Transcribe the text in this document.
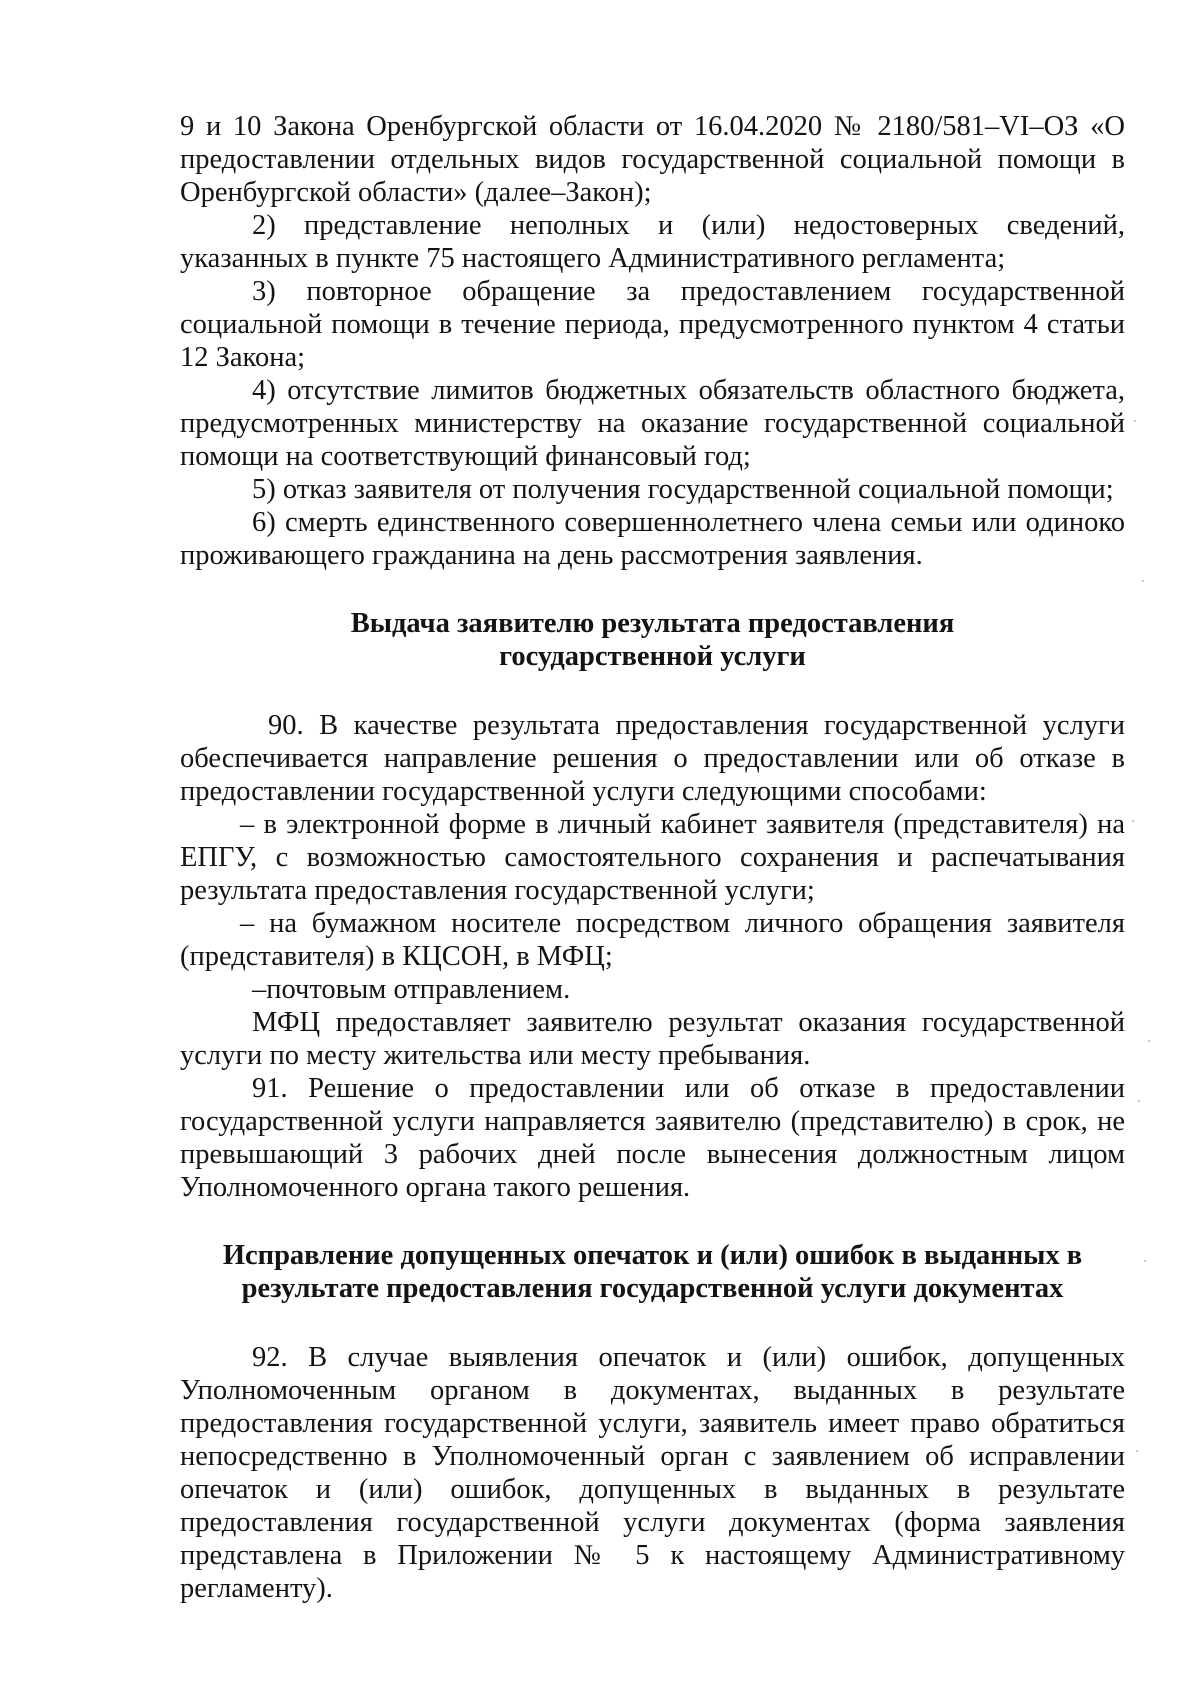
9 и 10 Закона Оренбургской области от 16.04.2020 № 2180/581–VI–ОЗ «О предоставлении отдельных видов государственной социальной помощи в Оренбургской области» (далее–Закон);

2) представление неполных и (или) недостоверных сведений, указанных в пункте 75 настоящего Административного регламента;

3) повторное обращение за предоставлением государственной социальной помощи в течение периода, предусмотренного пунктом 4 статьи 12 Закона;

4) отсутствие лимитов бюджетных обязательств областного бюджета, предусмотренных министерству на оказание государственной социальной помощи на соответствующий финансовый год;

5) отказ заявителя от получения государственной социальной помощи;

6) смерть единственного совершеннолетнего члена семьи или одиноко проживающего гражданина на день рассмотрения заявления.

Выдача заявителю результата предоставления

государственной услуги

90. В качестве результата предоставления государственной услуги обеспечивается направление решения о предоставлении или об отказе в предоставлении государственной услуги следующими способами:

– в электронной форме в личный кабинет заявителя (представителя) на ЕПГУ, с возможностью самостоятельного сохранения и распечатывания результата предоставления государственной услуги;

– на бумажном носителе посредством личного обращения заявителя (представителя) в КЦСОН, в МФЦ;

–почтовым отправлением.

МФЦ предоставляет заявителю результат оказания государственной услуги по месту жительства или месту пребывания.

91. Решение о предоставлении или об отказе в предоставлении государственной услуги направляется заявителю (представителю) в срок, не превышающий 3 рабочих дней после вынесения должностным лицом Уполномоченного органа такого решения.

Исправление допущенных опечаток и (или) ошибок в выданных в

результате предоставления государственной услуги документах

92. В случае выявления опечаток и (или) ошибок, допущенных Уполномоченным органом в документах, выданных в результате предоставления государственной услуги, заявитель имеет право обратиться непосредственно в Уполномоченный орган с заявлением об исправлении опечаток и (или) ошибок, допущенных в выданных в результате предоставления государственной услуги документах (форма заявления представлена в Приложении № 5 к настоящему Административному регламенту).
